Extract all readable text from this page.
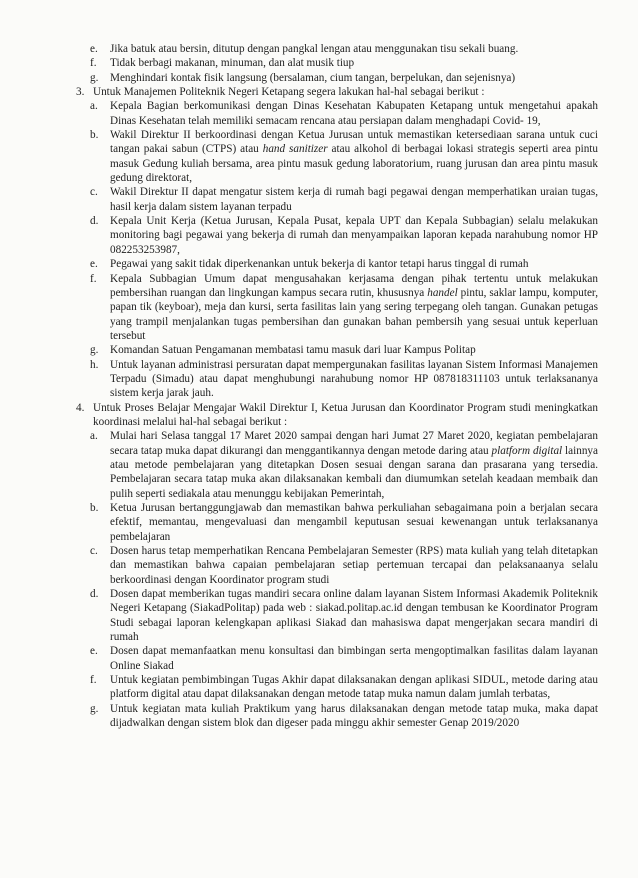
e.	Jika batuk atau bersin, ditutup dengan pangkal lengan atau menggunakan tisu sekali buang.
f.	Tidak berbagi makanan, minuman, dan alat musik tiup
g.	Menghindari kontak fisik langsung (bersalaman, cium tangan, berpelukan, dan sejenisnya)
3. Untuk Manajemen Politeknik Negeri Ketapang segera lakukan hal-hal sebagai berikut :
a.	Kepala Bagian berkomunikasi dengan Dinas Kesehatan Kabupaten Ketapang untuk mengetahui apakah Dinas Kesehatan telah memiliki semacam rencana atau persiapan dalam menghadapi Covid- 19,
b.	Wakil Direktur II berkoordinasi dengan Ketua Jurusan untuk memastikan ketersediaan sarana untuk cuci tangan pakai sabun (CTPS) atau hand sanitizer atau alkohol di berbagai lokasi strategis seperti area pintu masuk Gedung kuliah bersama, area pintu masuk gedung laboratorium, ruang jurusan dan area pintu masuk gedung direktorat,
c.	Wakil Direktur II dapat mengatur sistem kerja di rumah bagi pegawai dengan memperhatikan uraian tugas, hasil kerja dalam sistem layanan terpadu
d.	Kepala Unit Kerja (Ketua Jurusan, Kepala Pusat, kepala UPT dan Kepala Subbagian) selalu melakukan monitoring bagi pegawai yang bekerja di rumah dan menyampaikan laporan kepada narahubung nomor HP 082253253987,
e.	Pegawai yang sakit tidak diperkenankan untuk bekerja di kantor tetapi harus tinggal di rumah
f.	Kepala Subbagian Umum dapat mengusahakan kerjasama dengan pihak tertentu untuk melakukan pembersihan ruangan dan lingkungan kampus secara rutin, khususnya handel pintu, saklar lampu, komputer, papan tik (keyboar), meja dan kursi, serta fasilitas lain yang sering terpegang oleh tangan. Gunakan petugas yang trampil menjalankan tugas pembersihan dan gunakan bahan pembersih yang sesuai untuk keperluan tersebut
g.	Komandan Satuan Pengamanan membatasi tamu masuk dari luar Kampus Politap
h.	Untuk layanan administrasi persuratan dapat mempergunakan fasilitas layanan Sistem Informasi Manajemen Terpadu (Simadu) atau dapat menghubungi narahubung nomor HP 087818311103 untuk terlaksananya sistem kerja jarak jauh.
4. Untuk Proses Belajar Mengajar Wakil Direktur I, Ketua Jurusan dan Koordinator Program studi meningkatkan koordinasi melalui hal-hal sebagai berikut :
a.	Mulai hari Selasa tanggal 17 Maret 2020 sampai dengan hari Jumat 27 Maret 2020, kegiatan pembelajaran secara tatap muka dapat dikurangi dan menggantikannya dengan metode daring atau platform digital lainnya atau metode pembelajaran yang ditetapkan Dosen sesuai dengan sarana dan prasarana yang tersedia. Pembelajaran secara tatap muka akan dilaksanakan kembali dan diumumkan setelah keadaan membaik dan pulih seperti sediakala atau menunggu kebijakan Pemerintah,
b.	Ketua Jurusan bertanggungjawab dan memastikan bahwa perkuliahan sebagaimana poin a berjalan secara efektif, memantau, mengevaluasi dan mengambil keputusan sesuai kewenangan untuk terlaksananya pembelajaran
c.	Dosen harus tetap memperhatikan Rencana Pembelajaran Semester (RPS) mata kuliah yang telah ditetapkan dan memastikan bahwa capaian pembelajaran setiap pertemuan tercapai dan pelaksanaanya selalu berkoordinasi dengan Koordinator program studi
d.	Dosen dapat memberikan tugas mandiri secara online dalam layanan Sistem Informasi Akademik Politeknik Negeri Ketapang (SiakadPolitap) pada web : siakad.politap.ac.id dengan tembusan ke Koordinator Program Studi sebagai laporan kelengkapan aplikasi Siakad dan mahasiswa dapat mengerjakan secara mandiri di rumah
e.	Dosen dapat memanfaatkan menu konsultasi dan bimbingan serta mengoptimalkan fasilitas dalam layanan Online Siakad
f.	Untuk kegiatan pembimbingan Tugas Akhir dapat dilaksanakan dengan aplikasi SIDUL, metode daring atau platform digital atau dapat dilaksanakan dengan metode tatap muka namun dalam jumlah terbatas,
g.	Untuk kegiatan mata kuliah Praktikum yang harus dilaksanakan dengan metode tatap muka, maka dapat dijadwalkan dengan sistem blok dan digeser pada minggu akhir semester Genap 2019/2020
